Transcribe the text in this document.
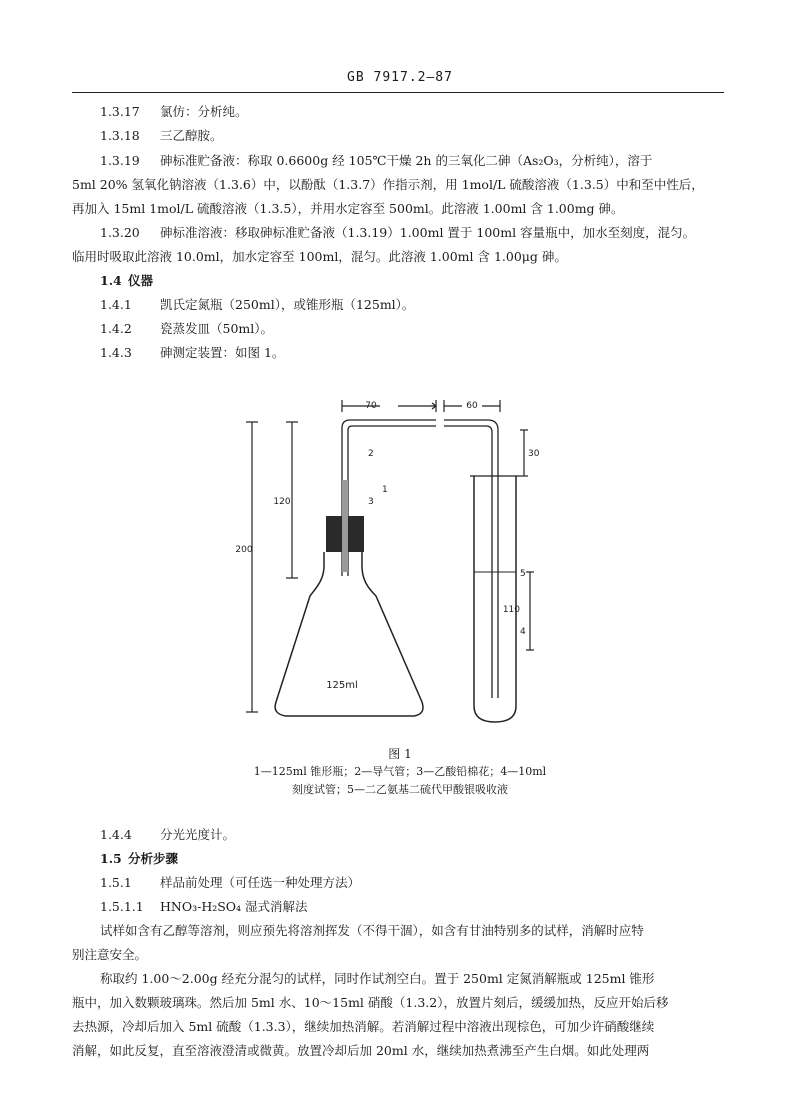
GB 7917.2—87
1.3.17 氯仿：分析纯。
1.3.18 三乙醇胺。
1.3.19 砷标准贮备液：称取 0.6600g 经 105℃干燥 2h 的三氧化二砷（As₂O₃，分析纯），溶于
5ml 20% 氢氧化钠溶液（1.3.6）中，以酚酞（1.3.7）作指示剂，用 1mol/L 硫酸溶液（1.3.5）中和至中性后，
再加入 15ml 1mol/L 硫酸溶液（1.3.5），并用水定容至 500ml。此溶液 1.00ml 含 1.00mg 砷。
1.3.20 砷标准溶液：移取砷标准贮备液（1.3.19）1.00ml 置于 100ml 容量瓶中，加水至刻度，混匀。
临用时吸取此溶液 10.0ml，加水定容至 100ml，混匀。此溶液 1.00ml 含 1.00μg 砷。
1.4 仪器
1.4.1 凯氏定氮瓶（250ml），或锥形瓶（125ml）。
1.4.2 瓷蒸发皿（50ml）。
1.4.3 砷测定装置：如图 1。
70	60
30
120
200
110
2
1
3
5
4
125ml
图 1
1—125ml 锥形瓶；2—导气管；3—乙酸铅棉花；4—10ml
刻度试管；5—二乙氨基二硫代甲酸银吸收液
1.4.4 分光光度计。
1.5 分析步骤
1.5.1 样品前处理（可任选一种处理方法）
1.5.1.1 HNO₃-H₂SO₄ 湿式消解法
试样如含有乙醇等溶剂，则应预先将溶剂挥发（不得干涸），如含有甘油特别多的试样，消解时应特
别注意安全。
称取约 1.00～2.00g 经充分混匀的试样，同时作试剂空白。置于 250ml 定氮消解瓶或 125ml 锥形
瓶中，加入数颗玻璃珠。然后加 5ml 水、10～15ml 硝酸（1.3.2），放置片刻后，缓缓加热，反应开始后移
去热源，冷却后加入 5ml 硫酸（1.3.3），继续加热消解。若消解过程中溶液出现棕色，可加少许硝酸继续
消解，如此反复，直至溶液澄清或微黄。放置冷却后加 20ml 水，继续加热煮沸至产生白烟。如此处理两
